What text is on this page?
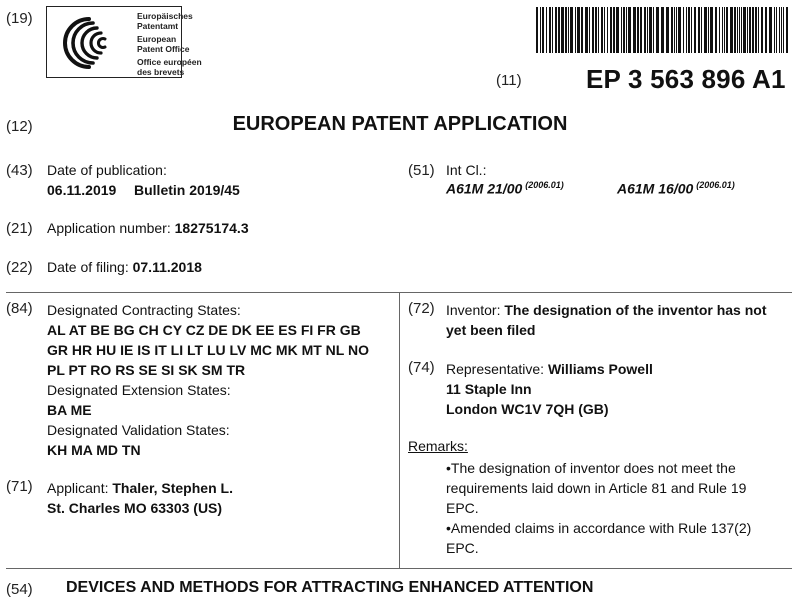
(19)	Europäisches
Patentamt
European
Patent Office
Office européen
des brevets	(11) EP 3 563 896 A1
(12)	EUROPEAN PATENT APPLICATION
(43) Date of publication:
06.11.2019 Bulletin 2019/45
(51) Int Cl.:
A61M 21/00 $^{(2006.01)}$	A61M 16/00 $^{(2006.01)}$
(21) Application number: 18275174.3
(22) Date of filing: 07.11.2018
(84) Designated Contracting States:
AL AT BE BG CH CY CZ DE DK EE ES FI FR GB
GR HR HU IE IS IT LI LT LU LV MC MK MT NL NO
PL PT RO RS SE SI SK SM TR
Designated Extension States:
BA ME
Designated Validation States:
KH MA MD TN
(71) Applicant: Thaler, Stephen L.
St. Charles MO 63303 (US)
(72) Inventor: The designation of the inventor has not
yet been filed
(74) Representative: Williams Powell
11 Staple Inn
London WC1V 7QH (GB)
Remarks:
•The designation of inventor does not meet the
requirements laid down in Article 81 and Rule 19
EPC.
•Amended claims in accordance with Rule 137(2)
EPC.
(54) DEVICES AND METHODS FOR ATTRACTING ENHANCED ATTENTION
